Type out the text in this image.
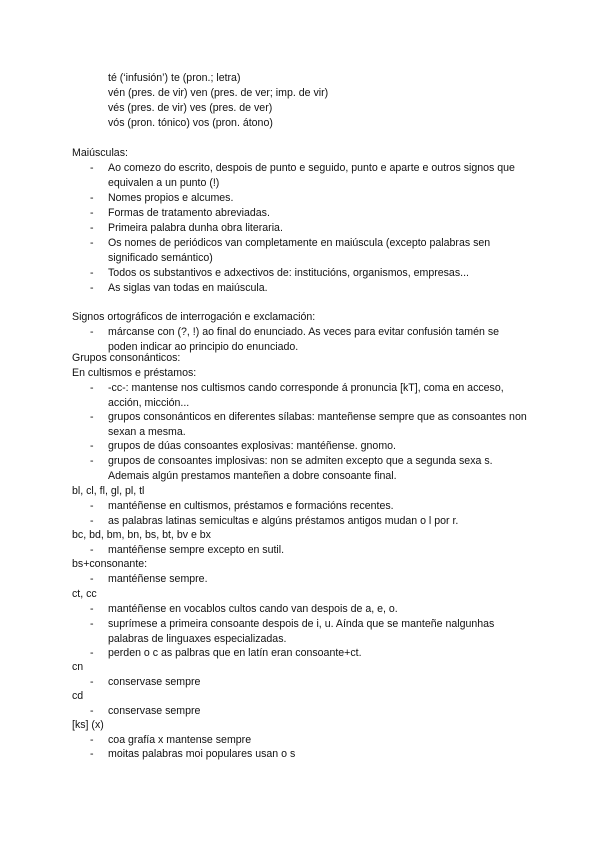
té (‘infusión’) te (pron.; letra)
vén (pres. de vir) ven (pres. de ver; imp. de vir)
vés (pres. de vir) ves (pres. de ver)
vós (pron. tónico) vos (pron. átono)
Maiúsculas:
- Ao comezo do escrito, despois de punto e seguido, punto e aparte e outros signos que equivalen a un punto (!)
- Nomes propios e alcumes.
- Formas de tratamento abreviadas.
- Primeira palabra dunha obra literaria.
- Os nomes de periódicos van completamente en maiúscula (excepto palabras sen significado semántico)
- Todos os substantivos e adxectivos de: institucións, organismos, empresas...
- As siglas van todas en maiúscula.
Signos ortográficos de interrogación e exclamación:
- márcanse con (?, !) ao final do enunciado. As veces para evitar confusión tamén se poden indicar ao principio do enunciado.
Grupos consonánticos:
En cultismos e préstamos:
- -cc-: mantense nos cultismos cando corresponde á pronuncia [kT], coma en acceso, acción, micción...
- grupos consonánticos en diferentes sílabas: manteñense sempre que as consoantes non sexan a mesma.
- grupos de dúas consoantes explosivas: mantéñense. gnomo.
- grupos de consoantes implosivas: non se admiten excepto que a segunda sexa s. Ademais algún prestamos manteñen a dobre consoante final.
bl, cl, fl, gl, pl, tl
- mantéñense en cultismos, préstamos e formacións recentes.
- as palabras latinas semicultas e algúns préstamos antigos mudan o l por r.
bc, bd, bm, bn, bs, bt, bv e bx
- mantéñense sempre excepto en sutil.
bs+consonante:
- mantéñense sempre.
ct, cc
- mantéñense en vocablos cultos cando van despois de a, e, o.
- suprímese a primeira consoante despois de i, u. Aínda que se manteñe nalgunhas palabras de linguaxes especializadas.
- perden o c as palbras que en latín eran consoante+ct.
cn
- conservase sempre
cd
- conservase sempre
[ks] (x)
- coa grafía x mantense sempre
- moitas palabras moi populares usan o s
